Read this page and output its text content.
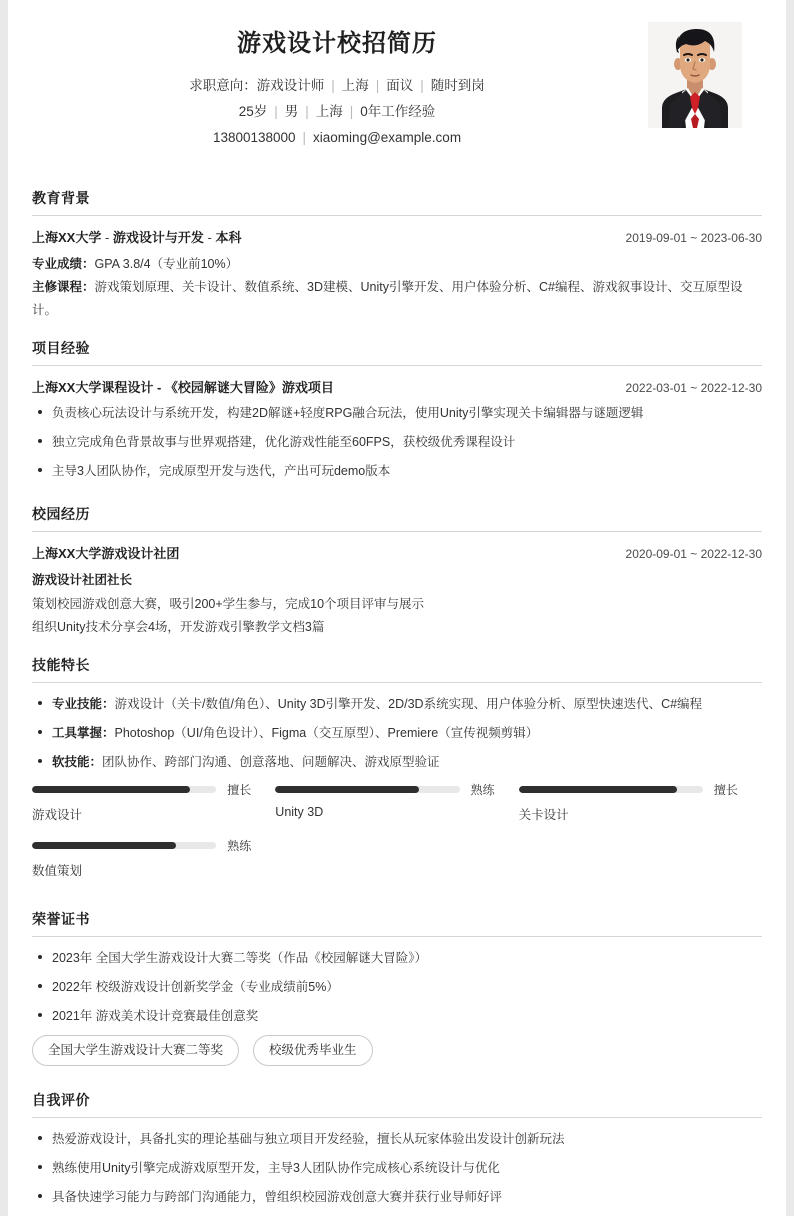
游戏设计校招简历
求职意向：游戏设计师 | 上海 | 面议 | 随时到岗
25岁 | 男 | 上海 | 0年工作经验
13800138000 | xiaoming@example.com
教育背景
上海XX大学 - 游戏设计与开发 - 本科	2019-09-01 ~ 2023-06-30
专业成绩：GPA 3.8/4（专业前10%）
主修课程：游戏策划原理、关卡设计、数值系统、3D建模、Unity引擎开发、用户体验分析、C#编程、游戏叙事设计、交互原型设计。
项目经验
上海XX大学课程设计 - 《校园解谜大冒险》游戏项目	2022-03-01 ~ 2022-12-30
负责核心玩法设计与系统开发，构建2D解谜+轻度RPG融合玩法，使用Unity引擎实现关卡编辑器与谜题逻辑
独立完成角色背景故事与世界观搭建，优化游戏性能至60FPS，获校级优秀课程设计
主导3人团队协作，完成原型开发与迭代，产出可玩demo版本
校园经历
上海XX大学游戏设计社团	2020-09-01 ~ 2022-12-30
游戏设计社团社长
策划校园游戏创意大赛，吸引200+学生参与，完成10个项目评审与展示
组织Unity技术分享会4场，开发游戏引擎教学文档3篇
技能特长
专业技能：游戏设计（关卡/数值/角色）、Unity 3D引擎开发、2D/3D系统实现、用户体验分析、原型快速迭代、C#编程
工具掌握：Photoshop（UI/角色设计）、Figma（交互原型）、Premiere（宣传视频剪辑）
软技能：团队协作、跨部门沟通、创意落地、问题解决、游戏原型验证
擅长
游戏设计
熟练
Unity 3D
擅长
关卡设计
熟练
数值策划
荣誉证书
2023年 全国大学生游戏设计大赛二等奖（作品《校园解谜大冒险》）
2022年 校级游戏设计创新奖学金（专业成绩前5%）
2021年 游戏美术设计竞赛最佳创意奖
全国大学生游戏设计大赛二等奖	校级优秀毕业生
自我评价
热爱游戏设计，具备扎实的理论基础与独立项目开发经验，擅长从玩家体验出发设计创新玩法
熟练使用Unity引擎完成游戏原型开发，主导3人团队协作完成核心系统设计与优化
具备快速学习能力与跨部门沟通能力，曾组织校园游戏创意大赛并获行业导师好评
